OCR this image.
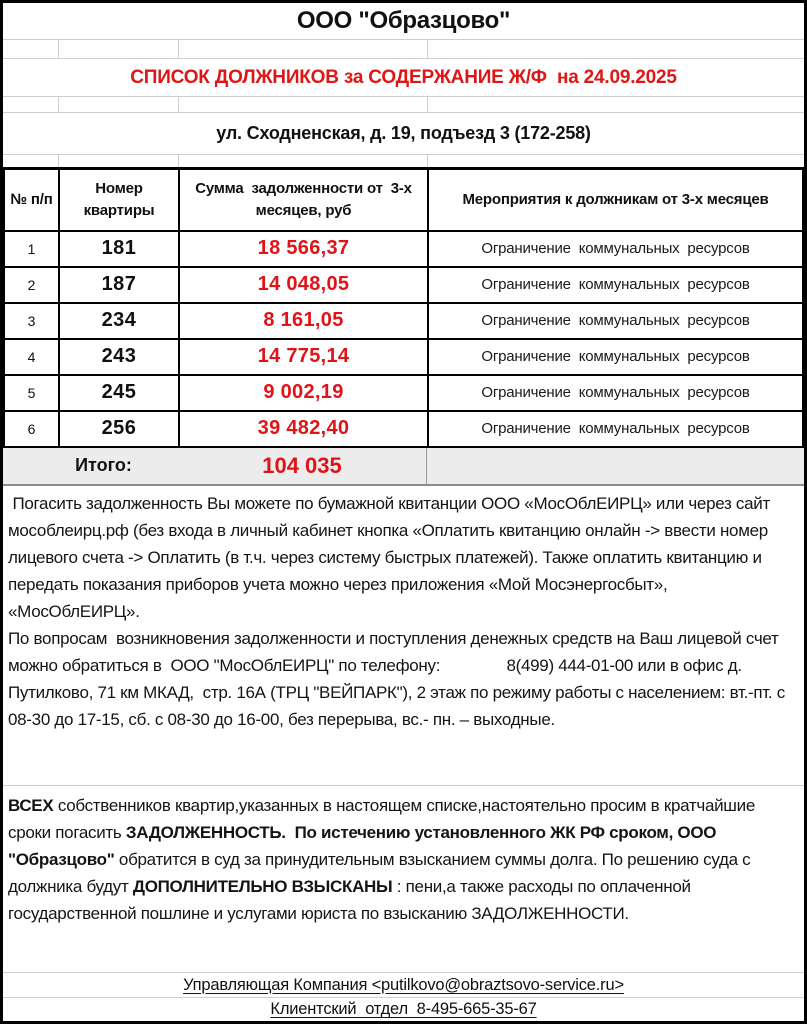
ООО "Образцово"
СПИСОК ДОЛЖНИКОВ за СОДЕРЖАНИЕ Ж/Ф  на 24.09.2025
ул. Сходненская, д. 19, подъезд 3 (172-258)
№ п/п	Номер квартиры	Сумма  задолженности от  3-х месяцев, руб	Мероприятия к должникам от 3-х месяцев
1	181	18 566,37	Ограничение  коммунальных  ресурсов
2	187	14 048,05	Ограничение  коммунальных  ресурсов
3	234	8 161,05	Ограничение  коммунальных  ресурсов
4	243	14 775,14	Ограничение  коммунальных  ресурсов
5	245	9 002,19	Ограничение  коммунальных  ресурсов
6	256	39 482,40	Ограничение  коммунальных  ресурсов
Итого:	104 035
Погасить задолженность Вы можете по бумажной квитанции ООО «МосОблЕИРЦ» или через сайт мособлеирц.рф (без входа в личный кабинет кнопка «Оплатить квитанцию онлайн -> ввести номер лицевого счета -> Оплатить (в т.ч. через систему быстрых платежей). Также оплатить квитанцию и передать показания приборов учета можно через приложения «Мой Мосэнергосбыт», «МосОблЕИРЦ».
По вопросам  возникновения задолженности и поступления денежных средств на Ваш лицевой счет можно обратиться в  ООО "МосОблЕИРЦ" по телефону:               8(499) 444-01-00 или в офис д. Путилково, 71 км МКАД,  стр. 16А (ТРЦ "ВЕЙПАРК"), 2 этаж по режиму работы с населением: вт.-пт. с 08-30 до 17-15, сб. с 08-30 до 16-00, без перерыва, вс.- пн. – выходные.
ВСЕХ собственников квартир,указанных в настоящем списке,настоятельно просим в кратчайшие сроки погасить ЗАДОЛЖЕННОСТЬ. По истечению установленного ЖК РФ сроком, ООО "Образцово" обратится в суд за принудительным взысканием суммы долга. По решению суда с должника будут ДОПОЛНИТЕЛЬНО ВЗЫСКАНЫ : пени,а также расходы по оплаченной государственной пошлине и услугами юриста по взысканию ЗАДОЛЖЕННОСТИ.
Управляющая Компания <putilkovo@obraztsovo-service.ru>
Клиентский  отдел  8-495-665-35-67
